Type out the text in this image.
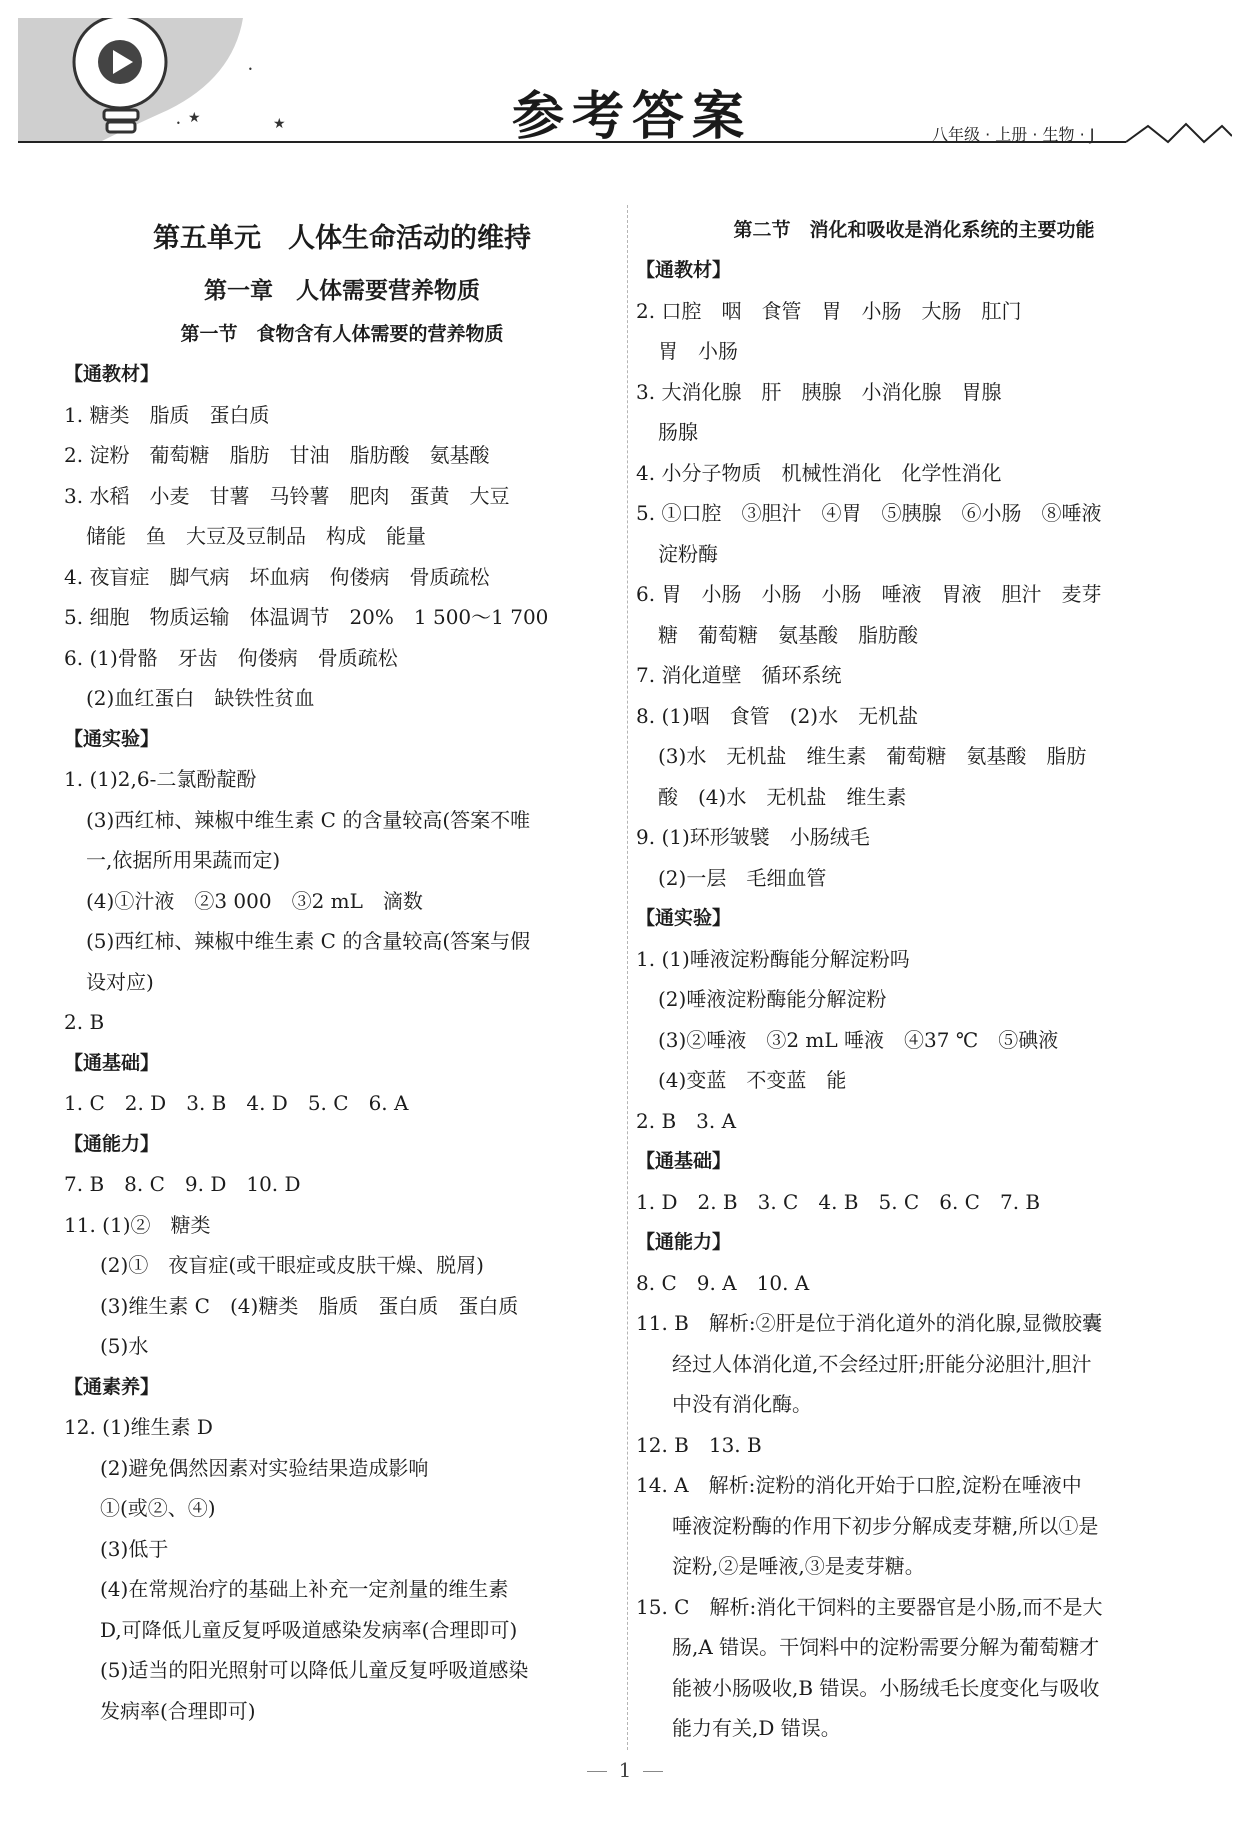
★	★
•
•
参考答案	八年级 · 上册 · 生物 · J
第五单元　人体生命活动的维持
第一章　人体需要营养物质
第一节　食物含有人体需要的营养物质
【通教材】
1. 糖类　脂质　蛋白质
2. 淀粉　葡萄糖　脂肪　甘油　脂肪酸　氨基酸
3. 水稻　小麦　甘薯　马铃薯　肥肉　蛋黄　大豆
储能　鱼　大豆及豆制品　构成　能量
4. 夜盲症　脚气病　坏血病　佝偻病　骨质疏松
5. 细胞　物质运输　体温调节　20%　1 500～1 700
6. (1)骨骼　牙齿　佝偻病　骨质疏松
(2)血红蛋白　缺铁性贫血
【通实验】
1. (1)2,6-二氯酚靛酚
(3)西红柿、辣椒中维生素 C 的含量较高(答案不唯
一,依据所用果蔬而定)
(4)①汁液　②3 000　③2 mL　滴数
(5)西红柿、辣椒中维生素 C 的含量较高(答案与假
设对应)
2. B
【通基础】
1. C　2. D　3. B　4. D　5. C　6. A
【通能力】
7. B　8. C　9. D　10. D
11. (1)②　糖类
(2)①　夜盲症(或干眼症或皮肤干燥、脱屑)
(3)维生素 C　(4)糖类　脂质　蛋白质　蛋白质
(5)水
【通素养】
12. (1)维生素 D
(2)避免偶然因素对实验结果造成影响
①(或②、④)
(3)低于
(4)在常规治疗的基础上补充一定剂量的维生素
D,可降低儿童反复呼吸道感染发病率(合理即可)
(5)适当的阳光照射可以降低儿童反复呼吸道感染
发病率(合理即可)
第二节　消化和吸收是消化系统的主要功能
【通教材】
2. 口腔　咽　食管　胃　小肠　大肠　肛门
胃　小肠
3. 大消化腺　肝　胰腺　小消化腺　胃腺
肠腺
4. 小分子物质　机械性消化　化学性消化
5. ①口腔　③胆汁　④胃　⑤胰腺　⑥小肠　⑧唾液
淀粉酶
6. 胃　小肠　小肠　小肠　唾液　胃液　胆汁　麦芽
糖　葡萄糖　氨基酸　脂肪酸
7. 消化道壁　循环系统
8. (1)咽　食管　(2)水　无机盐
(3)水　无机盐　维生素　葡萄糖　氨基酸　脂肪
酸　(4)水　无机盐　维生素
9. (1)环形皱襞　小肠绒毛
(2)一层　毛细血管
【通实验】
1. (1)唾液淀粉酶能分解淀粉吗
(2)唾液淀粉酶能分解淀粉
(3)②唾液　③2 mL 唾液　④37 ℃　⑤碘液
(4)变蓝　不变蓝　能
2. B　3. A
【通基础】
1. D　2. B　3. C　4. B　5. C　6. C　7. B
【通能力】
8. C　9. A　10. A
11. B　解析:②肝是位于消化道外的消化腺,显微胶囊
经过人体消化道,不会经过肝;肝能分泌胆汁,胆汁
中没有消化酶。
12. B　13. B
14. A　解析:淀粉的消化开始于口腔,淀粉在唾液中
唾液淀粉酶的作用下初步分解成麦芽糖,所以①是
淀粉,②是唾液,③是麦芽糖。
15. C　解析:消化干饲料的主要器官是小肠,而不是大
肠,A 错误。干饲料中的淀粉需要分解为葡萄糖才
能被小肠吸收,B 错误。小肠绒毛长度变化与吸收
能力有关,D 错误。
1
